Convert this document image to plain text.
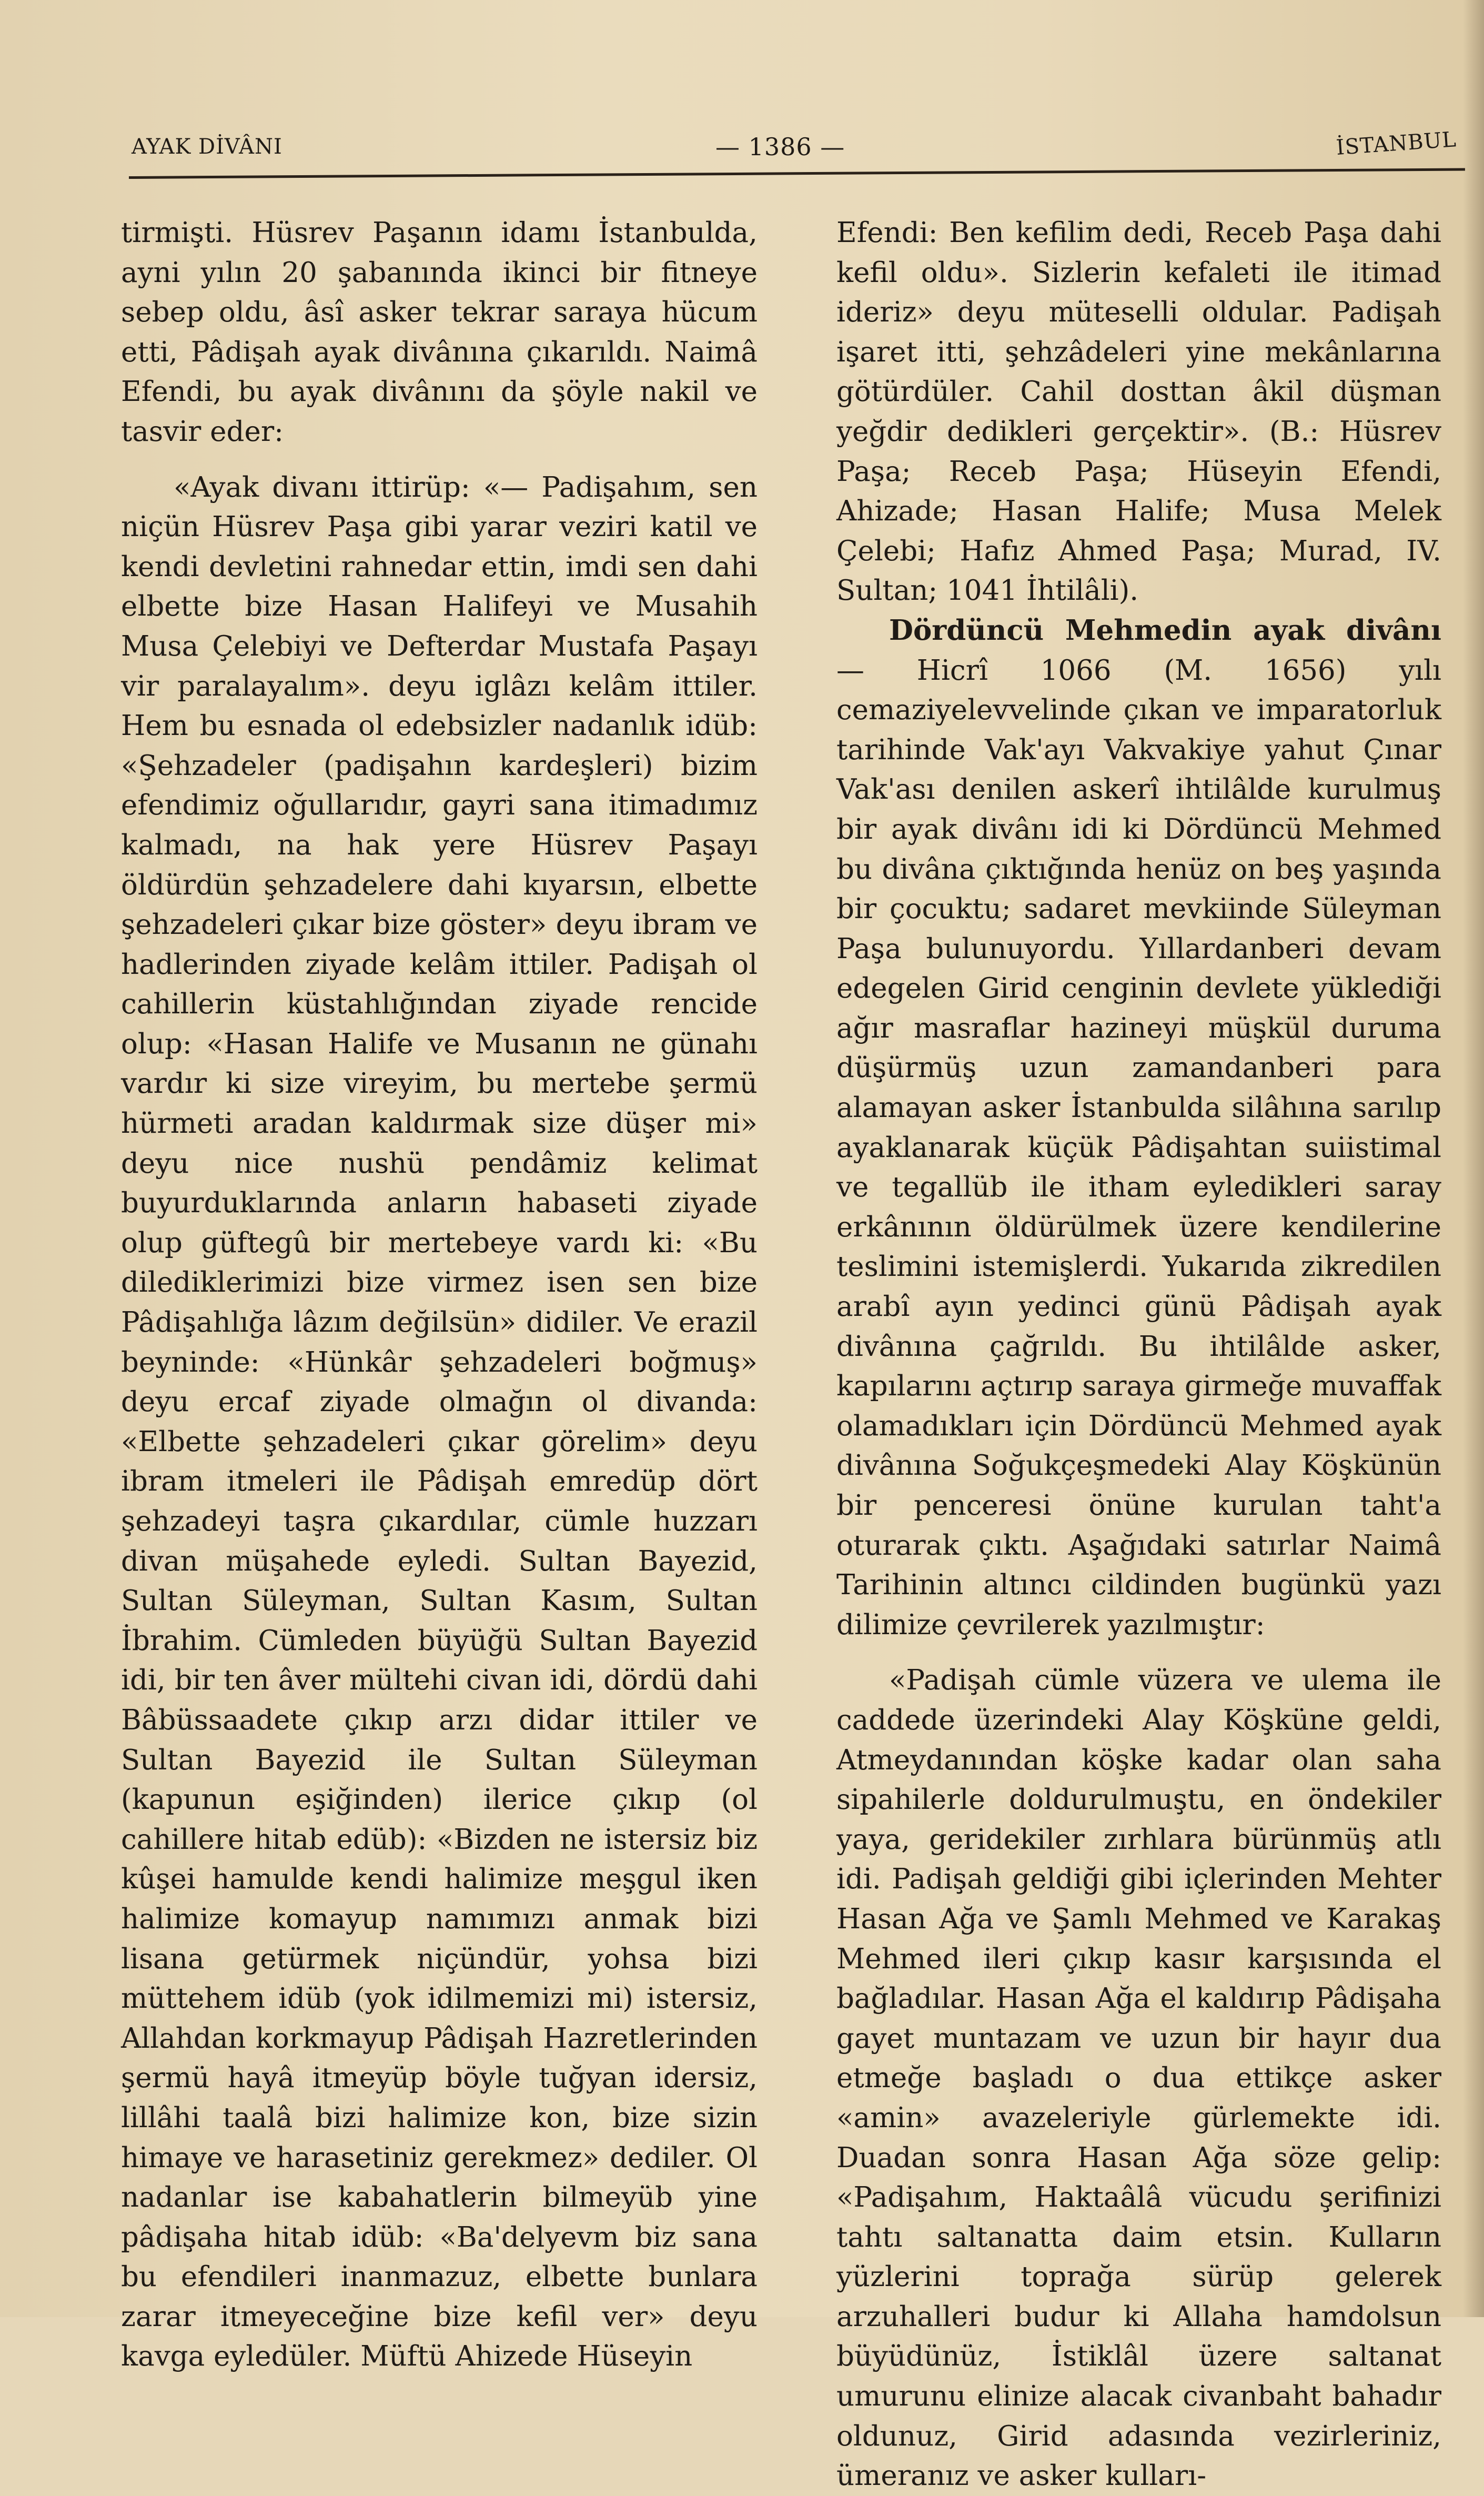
AYAK DİVÂNI	— 1386 —	İSTANBUL

tirmişti. Hüsrev Paşanın idamı İstanbulda, ayni yılın 20 şabanında ikinci bir fitneye sebep oldu, âsî asker tekrar saraya hücum etti, Pâdişah ayak divânına çıkarıldı. Naimâ Efendi, bu ayak divânını da şöyle nakil ve tasvir eder:

«Ayak divanı ittirüp: «— Padişahım, sen niçün Hüsrev Paşa gibi yarar veziri katil ve kendi devletini rahnedar ettin, imdi sen dahi elbette bize Hasan Halifeyi ve Musahih Musa Çelebiyi ve Defterdar Mustafa Paşayı vir paralayalım». deyu iglâzı kelâm ittiler. Hem bu esnada ol edebsizler nadanlık idüb: «Şehzadeler (padişahın kardeşleri) bizim efendimiz oğullarıdır, gayri sana itimadımız kalmadı, na hak yere Hüsrev Paşayı öldürdün şehzadelere dahi kıyarsın, elbette şehzadeleri çıkar bize göster» deyu ibram ve hadlerinden ziyade kelâm ittiler. Padişah ol cahillerin küstahlığından ziyade rencide olup: «Hasan Halife ve Musanın ne günahı vardır ki size vireyim, bu mertebe şermü hürmeti aradan kaldırmak size düşer mi» deyu nice nushü pendâmiz kelimat buyurduklarında anların habaseti ziyade olup güftegû bir mertebeye vardı ki: «Bu dilediklerimizi bize virmez isen sen bize Pâdişahlığa lâzım değilsün» didiler. Ve erazil beyninde: «Hünkâr şehzadeleri boğmuş» deyu ercaf ziyade olmağın ol divanda: «Elbette şehzadeleri çıkar görelim» deyu ibram itmeleri ile Pâdişah emredüp dört şehzadeyi taşra çıkardılar, cümle huzzarı divan müşahede eyledi. Sultan Bayezid, Sultan Süleyman, Sultan Kasım, Sultan İbrahim. Cümleden büyüğü Sultan Bayezid idi, bir ten âver mültehi civan idi, dördü dahi Bâbüssaadete çıkıp arzı didar ittiler ve Sultan Bayezid ile Sultan Süleyman (kapunun eşiğinden) ilerice çıkıp (ol cahillere hitab edüb): «Bizden ne istersiz biz kûşei hamulde kendi halimize meşgul iken halimize komayup namımızı anmak bizi lisana getürmek niçündür, yohsa bizi müttehem idüb (yok idilmemizi mi) istersiz, Allahdan korkmayup Pâdişah Hazretlerinden şermü hayâ itmeyüp böyle tuğyan idersiz, lillâhi taalâ bizi halimize kon, bize sizin himaye ve harasetiniz gerekmez» dediler. Ol nadanlar ise kabahatlerin bilmeyüb yine pâdişaha hitab idüb: «Ba'delyevm biz sana bu efendileri inanmazuz, elbette bunlara zarar itmeyeceğine bize kefil ver» deyu kavga eyledüler. Müftü Ahizede Hüseyin

Efendi: Ben kefilim dedi, Receb Paşa dahi kefil oldu». Sizlerin kefaleti ile itimad ideriz» deyu müteselli oldular. Padişah işaret itti, şehzâdeleri yine mekânlarına götürdüler. Cahil dosttan âkil düşman yeğdir dedikleri gerçektir». (B.: Hüsrev Paşa; Receb Paşa; Hüseyin Efendi, Ahizade; Hasan Halife; Musa Melek Çelebi; Hafız Ahmed Paşa; Murad, IV. Sultan; 1041 İhtilâli).

Dördüncü Mehmedin ayak divânı — Hicrî 1066 (M. 1656) yılı cemaziyelevvelinde çıkan ve imparatorluk tarihinde Vak'ayı Vakvakiye yahut Çınar Vak'ası denilen askerî ihtilâlde kurulmuş bir ayak divânı idi ki Dördüncü Mehmed bu divâna çıktığında henüz on beş yaşında bir çocuktu; sadaret mevkiinde Süleyman Paşa bulunuyordu. Yıllardanberi devam edegelen Girid cenginin devlete yüklediği ağır masraflar hazineyi müşkül duruma düşürmüş uzun zamandanberi para alamayan asker İstanbulda silâhına sarılıp ayaklanarak küçük Pâdişahtan suiistimal ve tegallüb ile itham eyledikleri saray erkânının öldürülmek üzere kendilerine teslimini istemişlerdi. Yukarıda zikredilen arabî ayın yedinci günü Pâdişah ayak divânına çağrıldı. Bu ihtilâlde asker, kapılarını açtırıp saraya girmeğe muvaffak olamadıkları için Dördüncü Mehmed ayak divânına Soğukçeşmedeki Alay Köşkünün bir penceresi önüne kurulan taht'a oturarak çıktı. Aşağıdaki satırlar Naimâ Tarihinin altıncı cildinden bugünkü yazı dilimize çevrilerek yazılmıştır:

«Padişah cümle vüzera ve ulema ile caddede üzerindeki Alay Köşküne geldi, Atmeydanından köşke kadar olan saha sipahilerle doldurulmuştu, en öndekiler yaya, geridekiler zırhlara bürünmüş atlı idi. Padişah geldiği gibi içlerinden Mehter Hasan Ağa ve Şamlı Mehmed ve Karakaş Mehmed ileri çıkıp kasır karşısında el bağladılar. Hasan Ağa el kaldırıp Pâdişaha gayet muntazam ve uzun bir hayır dua etmeğe başladı o dua ettikçe asker «amin» avazeleriyle gürlemekte idi. Duadan sonra Hasan Ağa söze gelip: «Padişahım, Haktaâlâ vücudu şerifinizi tahtı saltanatta daim etsin. Kulların yüzlerini toprağa sürüp gelerek arzuhalleri budur ki Allaha hamdolsun büyüdünüz, İstiklâl üzere saltanat umurunu elinize alacak civanbaht bahadır oldunuz, Girid adasında vezirleriniz, ümeranız ve asker kulları-
